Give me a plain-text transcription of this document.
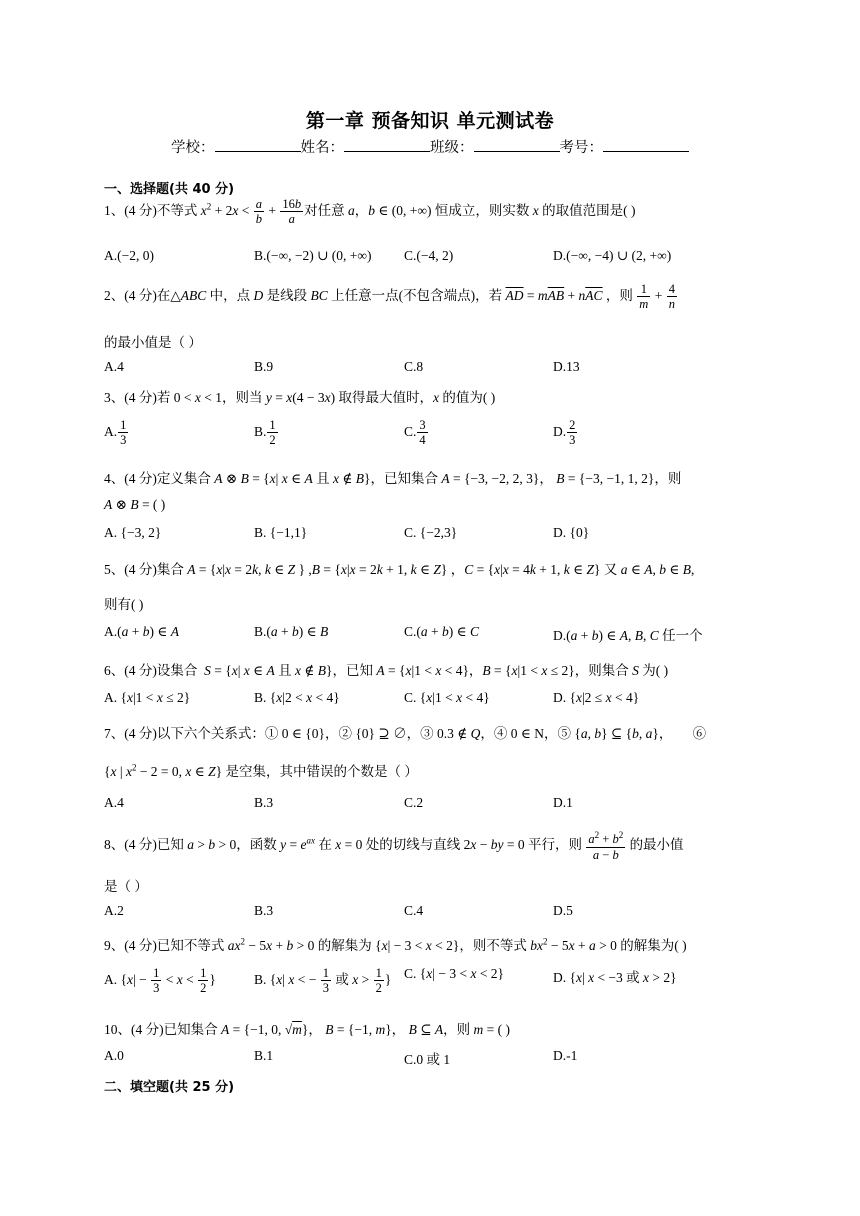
第一章 预备知识 单元测试卷
学校：	姓名：	班级：	考号：
一、选择题(共 40 分)
1、(4 分)不等式 $x^2 + 2x < \frac{a}{b} + \frac{16b}{a}$ 对任意 a，b ∈ (0, +∞) 恒成立，则实数 x 的取值范围是( )
A.(−2, 0)	B.(−∞, −2) ∪ (0, +∞) C.(−4, 2)	D.(−∞, −4) ∪ (2, +∞)
2、(4 分)在△ABC 中，点 D 是线段 BC 上任意一点(不包含端点)，若 $\overline{AD} = m\overline{AB} + n\overline{AC}$ ，则 $\frac{1}{m} + \frac{4}{n}$
的最小值是（ ）
A.4	B.9	C.8	D.13
3、(4 分)若 0 < x < 1，则当 y = x(4 − 3x) 取得最大值时，x 的值为( )
A. $\frac{1}{3}$	B. $\frac{1}{2}$	C. $\frac{3}{4}$	D. $\frac{2}{3}$
4、(4 分)定义集合 A ⊗ B = {x| x ∈ A 且 x ∉ B}，已知集合 A = {−3, −2, 2, 3}， B = {−3, −1, 1, 2}，则
A ⊗ B = ( )
A. {−3, 2}	B. {−1,1}	C. {−2,3}	D. {0}
5、(4 分)集合 A = {x|x = 2k, k ∈ Z } ,B = {x|x = 2k + 1, k ∈ Z} ，C = {x|x = 4k + 1, k ∈ Z} 又 a ∈ A, b ∈ B,
则有( )
A.(a + b) ∈ A	B.(a + b) ∈ B	C.(a + b) ∈ C	D.(a + b) ∈ A, B, C 任一个
6、(4 分)设集合  S = {x| x ∈ A 且 x ∉ B}，已知 A = {x|1 < x < 4}，B = {x|1 < x ≤ 2}，则集合 S 为( )
A. {x|1 < x ≤ 2}	B. {x|2 < x < 4}	C. {x|1 < x < 4}	D. {x|2 ≤ x < 4}
7、(4 分)以下六个关系式：① 0 ∈ {0}，② {0} ⊇ ∅，③ 0.3 ∉ Q，④ 0 ∈ N，⑤ {a, b} ⊆ {b, a}，      ⑥
{x | $x^2 - 2 = 0$, x ∈ Z} 是空集，其中错误的个数是（ ）
A.4	B.3	C.2	D.1
8、(4 分)已知 a > b > 0，函数 $y = e^{ax}$ 在 x = 0 处的切线与直线 2x − by = 0 平行，则 $\frac{a^2 + b^2}{a - b}$ 的最小值
是（ ）
A.2	B.3	C.4	D.5
9、(4 分)已知不等式 $ax^2 - 5x + b > 0$ 的解集为 {x| − 3 < x < 2}，则不等式 $bx^2 - 5x + a > 0$ 的解集为( )
A. {$x| - \frac{1}{3} < x < \frac{1}{2}$ }	B. {x| x < − $\frac{1}{3}$ 或 $x > \frac{1}{2}$ } C. {x| − 3 < x < 2}	D. {x| x < −3 或 x > 2}
10、(4 分)已知集合 A = {−1, 0, √m}， B = {−1, m}， B ⊆ A，则 m = ( )
A.0	B.1	C.0 或 1	D.-1
二、填空题(共 25 分)
